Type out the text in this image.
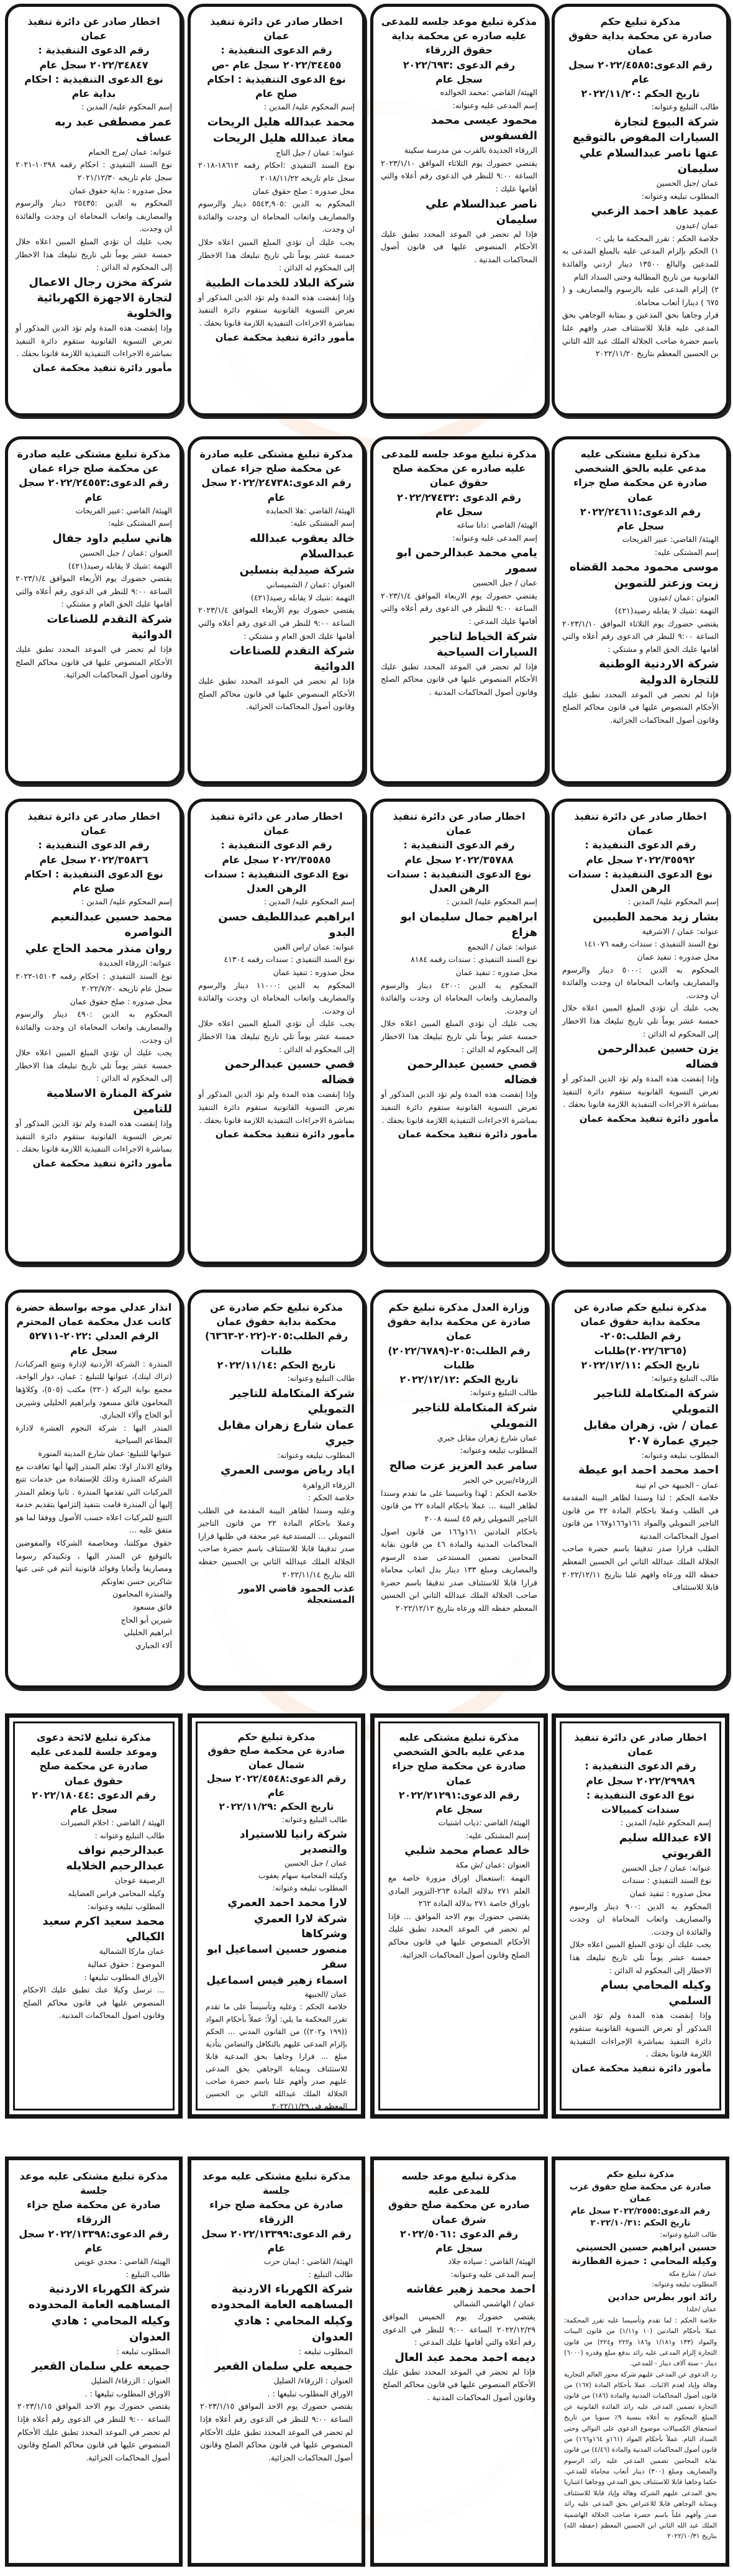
مذكرة تبليغ حكم
صادرة عن محكمة بداية حقوق عمان
رقم الدعوى:٢٠٢٢/٤٥٨٥ سجل عام
تاريخ الحكم :٢٠٢٢/١١/٢٠
طالب التبليغ وعنوانه:
شركة البيوع لتجارة السيارات المفوض بالتوقيع عنها ناصر عبدالسلام علي سليمان
عمان /جبل الحسين
المطلوب تبليغه وعنوانه:
عميد عاهد احمد الزعبي
عمان /عبدون
خلاصة الحكم : تقرر المحكمة ما يلي :-
١) الحكم بإلزام المدعى عليه بالمبلغ المدعى به للمدعين والبالغ ١٣٥٠٠ دينار اردني والفائدة القانونية من تاريخ المطالبة وحتى السداد التام
٢) إلزام المدعى عليه بالرسوم والمصاريف و ( ٦٧٥ ) دينارا أتعاب محاماة.
قرار وجاهيا بحق المدعين و بمثابة الوجاهي بحق المدعى عليه قابلا للاستئناف صدر وافهم علنا باسم حضرة صاحب الجلالة الملك عبد الله الثاني بن الحسين المعظم بتاريخ ٢٠٢٢/١١/٢٠
مذكرة تبليغ موعد جلسه للمدعى عليه صادره عن محكمة بداية حقوق الزرقاء
رقم الدعوى :٢٠٢٢/٦٩٣
سجل عام
الهيئة/ القاضي :محمد الخوالده
إسم المدعى عليه وعنوانه:
محمود عيسى محمد الفسفوس
الزرقاء الجديدة بالقرب من مدرسة سكينة
يقتضي حضورك يوم الثلاثاء الموافق ٢٠٢٣/١/١٠ الساعة ٩:٠٠ للنظر في الدعوى رقم أعلاه والتي أقامها عليك :
ناصر عبدالسلام علي سليمان
فإذا لم تحضر في الموعد المحدد تطبق عليك الأحكام المنصوص عليها في قانون أصول المحاكمات المدنية .
اخطار صادر عن دائرة تنفيذ عمان
رقم الدعوى التنفيذية :
٢٠٢٢/٣٤٤٥٥ سجل عام -ص
نوع الدعوى التنفيذية : احكام صلح عام
إسم المحكوم عليه/ المدين :
محمد عبدالله هليل الريحات
معاذ عبدالله هليل الريحات
عنوانه: عمان / جبل التاج
نوع السند التنفيذي :احكام رقمه ١٨٦١٢-٢٠١٨ سجل عام تاريخه ٢٠١٨/١١/٢٢
محل صدوره : صلح حقوق عمان
المحكوم به الدين :٥٥٤٣,٩٠٥ دينار والرسوم والمصاريف واتعاب المحاماة ان وجدت والفائدة ان وجدت.
يجب عليك أن تؤدي المبلغ المبين اعلاه خلال خمسة عشر يوماً تلي تاريخ تبليغك هذا الاخطار إلى المحكوم له الدائن :
شركة البلاد للخدمات الطبية
وإذا إنقضت هذه المدة ولم تؤد الدين المذكور أو تعرض التسوية القانونية ستقوم دائرة التنفيذ بمباشرة الاجراءات التنفيذية اللازمة قانونا بحقك .
مأمور دائرة تنفيذ محكمة عمان
اخطار صادر عن دائرة تنفيذ عمان
رقم الدعوى التنفيذية :
٢٠٢٢/٣٤٨٤٧ سجل عام
نوع الدعوى التنفيذية : احكام بداية عام
إسم المحكوم عليه/ المدين :
عمر مصطفى عبد ربه عساف
عنوانه: عمان /مرج الحمام
نوع السند التنفيذي : احكام رقمه ١٠٢٩٨-٢٠٢١ سجل عام تاريخه ٢٠٢١/١٢/٣٠
محل صدوره : بداية حقوق عمان
المحكوم به الدين :٢٥٤٣٥ دينار والرسوم والمصاريف واتعاب المحاماة ان وجدت والفائدة ان وجدت.
يجب عليك أن تؤدي المبلغ المبين اعلاه خلال خمسة عشر يوماً تلي تاريخ تبليغك هذا الاخطار إلى المحكوم له الدائن :
شركة مخزن رجال الاعمال لتجارة الاجهزة الكهربائية والخلوية
وإذا إنقضت هذه المدة ولم تؤد الدين المذكور أو تعرض التسوية القانونية ستقوم دائرة التنفيذ بمباشرة الاجراءات التنفيذية اللازمة قانونا بحقك .
مأمور دائرة تنفيذ محكمة عمان
مذكرة تبليغ مشتكى عليه
مدعي عليه بالحق الشخصي صادرة عن محكمة صلح جزاء عمان
رقم الدعوى:٢٠٢٢/٢٤٦١١
سجل عام
الهيئة/ القاضي: عبير الفريحات
إسم المشتكى عليه:
موسى محمود محمد القضاه
زيت وزعتر للتموين
العنوان :عمان /عبدون
التهمة :شيك لا يقابله رصيد(٤٢١)
يقتضي حضورك يوم الثلاثاء الموافق ٢٠٢٣/١/١٠ الساعة ٩:٠٠ للنظر في الدعوى رقم أعلاه والتي أقامها عليك الحق العام و مشتكي :
شركة الاردنية الوطنية للتجارة الدولية
فإذا لم تحضر في الموعد المحدد تطبق عليك الأحكام المنصوص عليها في قانون محاكم الصلح وقانون أصول المحاكمات الجزائية.
مذكرة تبليغ موعد جلسه للمدعى عليه صادره عن محكمة صلح حقوق عمان
رقم الدعوى :٢٠٢٢/٢٧٤٣٢
سجل عام
الهيئة/ القاضي :دانا ساغه
إسم المدعى عليه وعنوانه:
يامي محمد عبدالرحمن ابو سمور
عمان / جبل الحسين
يقتضي حضورك يوم الاربعاء الموافق ٢٠٢٣/١/٤ الساعة ٩:٠٠ للنظر في الدعوى رقم أعلاه والتي أقامها عليك المدعي :
شركة الخياط لتاجير السيارات السياحية
فإذا لم تحضر في الموعد المحدد تطبق عليك الأحكام المنصوص عليها في قانون محاكم الصلح وقانون أصول المحاكمات المدنية .
مذكرة تبليغ مشتكى عليه صادرة عن محكمة صلح جزاء عمان
رقم الدعوى:٢٠٢٢/٢٤٧٣٨ سجل عام
الهيئة/ القاضي :هلا الحمايده
إسم المشتكى عليه:
خالد يعقوب عبدالله عبدالسلام
شركة صيدلية بنسلين
العنوان :عمان / الشميساني
التهمة :شيك لا يقابله رصيد(٤٢١)
يقتضي حضورك يوم الأربعاء الموافق ٢٠٢٣/١/٤ الساعة ٩:٠٠ للنظر في الدعوى رقم أعلاه والتي أقامها عليك الحق العام و مشتكي :
شركة التقدم للصناعات الدوائية
فإذا لم تحضر في الموعد المحدد تطبق عليك الأحكام المنصوص عليها في قانون محاكم الصلح وقانون أصول المحاكمات الجزائية.
مذكرة تبليغ مشتكى عليه صادرة عن محكمة صلح جزاء عمان
رقم الدعوى:٢٠٢٢/٢٤٥٥٣ سجل عام
الهيئة/ القاضي :عبير الفريحات
إسم المشتكى عليه:
هاني سليم داود جفال
العنوان :عمان / جبل الحسين
التهمة :شيك لا يقابله رصيد(٤٢١)
يقتضي حضورك يوم الأربعاء الموافق ٢٠٢٣/١/٤ الساعة ٩:٠٠ للنظر في الدعوى رقم أعلاه والتي أقامها عليك الحق العام و مشتكي :
شركة التقدم للصناعات الدوائية
فإذا لم تحضر في الموعد المحدد تطبق عليك الأحكام المنصوص عليها في قانون محاكم الصلح وقانون أصول المحاكمات الجزائية.
اخطار صادر عن دائرة تنفيذ عمان
رقم الدعوى التنفيذية :
٢٠٢٢/٣٥٥٩٢ سجل عام
نوع الدعوى التنفيذية : سندات الرهن العدل
إسم المحكوم عليه/ المدين :
بشار زيد محمد الطيبين
عنوانه: عمان / الاشرفية
نوع السند التنفيذي : سندات رقمه ١٤١٠٧٦
محل صدوره : تنفيذ عمان
المحكوم به الدين :٥٠٠٠ دينار والرسوم والمصاريف واتعاب المحاماة ان وجدت والفائدة ان وجدت.
يجب عليك أن تؤدي المبلغ المبين اعلاه خلال خمسة عشر يوماً تلي تاريخ تبليغك هذا الاخطار إلى المحكوم له الدائن :
يزن حسين عبدالرحمن فضاله
وإذا إنقضت هذه المدة ولم تؤد الدين المذكور أو تعرض التسوية القانونية ستقوم دائرة التنفيذ بمباشرة الاجراءات التنفيذية اللازمة قانونا بحقك .
مأمور دائرة تنفيذ محكمة عمان
اخطار صادر عن دائرة تنفيذ عمان
رقم الدعوى التنفيذية :
٢٠٢٢/٣٥٧٨٨ سجل عام
نوع الدعوى التنفيذية : سندات الرهن العدل
إسم المحكوم عليه/ المدين :
ابراهيم جمال سليمان ابو هزاع
عنوانه: عمان / التجمع
نوع السند التنفيذي : سندات رقمه ٨١٨٤
محل صدوره : تنفيذ عمان
المحكوم به الدين :٤٢٠٠ دينار والرسوم والمصاريف واتعاب المحاماة ان وجدت والفائدة ان وجدت.
يجب عليك أن تؤدي المبلغ المبين اعلاه خلال خمسة عشر يوماً تلي تاريخ تبليغك هذا الاخطار إلى المحكوم له الدائن :
قصي حسين عبدالرحمن فضاله
وإذا إنقضت هذه المدة ولم تؤد الدين المذكور أو تعرض التسوية القانونية ستقوم دائرة التنفيذ بمباشرة الاجراءات التنفيذية اللازمة قانونا بحقك .
مأمور دائرة تنفيذ محكمة عمان
اخطار صادر عن دائرة تنفيذ عمان
رقم الدعوى التنفيذية :
٢٠٢٢/٣٥٥٨٥ سجل عام
نوع الدعوى التنفيذية : سندات الرهن العدل
إسم المحكوم عليه/ المدين :
ابراهيم عبداللطيف حسن البدو
عنوانه: عمان /راس العين
نوع السند التنفيذي : سندات رقمه ٤١٣٠٤
محل صدوره : تنفيذ عمان
المحكوم به الدين :١١٠٠٠ دينار والرسوم والمصاريف واتعاب المحاماة ان وجدت والفائدة ان وجدت.
يجب عليك أن تؤدي المبلغ المبين اعلاه خلال خمسة عشر يوماً تلي تاريخ تبليغك هذا الاخطار إلى المحكوم له الدائن :
قصي حسين عبدالرحمن فضاله
وإذا إنقضت هذه المدة ولم تؤد الدين المذكور أو تعرض التسوية القانونية ستقوم دائرة التنفيذ بمباشرة الاجراءات التنفيذية اللازمة قانونا بحقك .
مأمور دائرة تنفيذ محكمة عمان
اخطار صادر عن دائرة تنفيذ عمان
رقم الدعوى التنفيذية :
٢٠٢٢/٣٥٨٣٦ سجل عام
نوع الدعوى التنفيذية : احكام صلح عام
إسم المحكوم عليه/ المدين :
محمد حسين عبدالنعيم النواصره
روان منذر محمد الحاج علي
عنوانه: الزرقاء الجديدة
نوع السند التنفيذي : احكام رقمه ١٥١٠٣-٢٠٢٢ سجل عام تاريخه ٢٠٢٢/٧/٢٠
محل صدوره : صلح حقوق عمان
المحكوم به الدين :٤٩٠ دينار والرسوم والمصاريف واتعاب المحاماة ان وجدت والفائدة ان وجدت.
يجب عليك أن تؤدي المبلغ المبين اعلاه خلال خمسة عشر يوماً تلي تاريخ تبليغك هذا الاخطار إلى المحكوم له الدائن :
شركة المنارة الاسلامية للتامين
وإذا إنقضت هذه المدة ولم تؤد الدين المذكور أو تعرض التسوية القانونية ستقوم دائرة التنفيذ بمباشرة الاجراءات التنفيذية اللازمة قانونا بحقك .
مأمور دائرة تنفيذ محكمة عمان
مذكرة تبليغ حكم صادرة عن محكمة بداية حقوق عمان
رقم الطلب:٢٠٥-(٢٠٢٢/٦٣٦٥)طلبات
تاريخ الحكم :٢٠٢٢/١٢/١١
طالب التبليغ وعنوانه:
شركة المتكاملة للتاجير التمويلي
عمان / ش. زهران مقابل جيري عمارة ٢٠٧
المطلوب تبليغه وعنوانه:
احمد محمد احمد ابو عيطة
عمان - الجبيهة حي ام تينة
خلاصة الحكم : لذا وسندا لظاهر البينة المقدمة في الطلب وعملا باحكام المادة ٢٢ من قانون التاجير التمويلي والمواد ١٦١و١٦٦و١٦٧ من قانون اصول المحاكمات المدنية
الطلب قرارا صدر تدقيقا باسم حضرة صاحب الجلالة الملك عبدالله الثاني ابن الحسين المعظم حفظه الله ورعاه وافهم علنا بتاريخ ٢٠٢٢/١٢/١١ قابلا للاستئناف
وزارة العدل مذكرة تبليغ حكم صادرة عن محكمة بداية حقوق عمان
رقم الطلب:٢٠٥-(٢٠٢٢/٦٧٨٩) طلبات
تاريخ الحكم :٢٠٢٢/١٢/١٢
طالب التبليغ وعنوانه:
شركة المتكاملة للتاجير التمويلي
عمان شارع زهران مقابل جيري
المطلوب تبليغه وعنوانه:
سامر عبد العزيز عزت صالح
الزرقاء/بيرين حي الجبر
خلاصة الحكم : لهذا وتاسيسا على ما تقدم وسندا لظاهر البينة ... عملا باحكام المادة ٢٢ من قانون التاجير التمويلي رقم ٤٥ لسنة ٢٠٠٨
باحكام المادتين ١٦١و١٦٦ من قانون اصول المحاكمات المدنية والمادة ٤٦ من قانون نقابة المحامين تضمين المستدعى ضده الرسوم والمصاريف ومبلغ ١٣٣ دينار بدل اتعاب محاماة قرارا قابلا للاستئناف صدر تدقيقا باسم حضرة صاحب الجلالة الملك عبدالله الثاني ابن الحسين المعظم حفظه الله ورعاه بتاريخ ٢٠٢٢/١٢/١٢
مذكرة تبليغ حكم صادرة عن محكمة بداية حقوق عمان
رقم الطلب:٢٠٥-(٢٠٢٢-٦٣٦٣) طلبات
تاريخ الحكم :٢٠٢٢/١١/١٤
طالب التبليغ وعنوانه:
شركة المتكاملة للتاجير التمويلي
عمان شارع زهران مقابل جيري
المطلوب تبليغه وعنوانه:
اياد رياض موسى العمري
الزرقاء الزواهرة
خلاصة الحكم :
وعليه وسندا لظاهر البينة المقدمة في الطلب وعملا باحكام المادة ٢٢ من قانون التاجير التمويلي ... المستدعية غير محقة في طلبها قرارا صدر تدقيقا قابلا للاستئناف باسم حضرة صاحب الجلالة الملك عبدالله الثاني بن الحسين حفظه الله بتاريخ ٢٠٢٢/١١/١٤
عذب الحمود قاضي الامور المستعجلة
انذار عدلي موجه بواسطة حضرة كاتب عدل محكمة عمان المحترم
الرقم العدلي :٢٠٢٢-٥٢٧١١ سجل عام
المنذرة : الشركة الأردنية لإدارة وتتبع المركبات/ (تراك لينك)، عنوانها للتبليغ : عمان، دوار الواحة، مجمع بوابة البركة (٢٢٠) مكتب (٥٠٥)، وكلاؤها المحامون فائق مسعود وابراهيم الخليلي وشيرين أبو الحاج وآلاء الجباري.
المنذر اليها : شركة النجوم العشرة لادارة المطاعم السياحية
عنوانها للتبليغ: عمان شارع المدينة المنورة
وقائع الانذار اولا: تعلم المنذر إليها أنها تعاقدت مع الشركة المنذرة وذلك للإستفادة من خدمات تتبع المركبات التي تقدمها المنذرة . ثانيا وتعلم المنذر إليها أن المنذرة قامت بتنفيذ إلتزامها بتقديم خدمة التتبع للمركبات اعلاه حسب الأصول ووفقا لما هو متفق عليه ...
حقوق موكلتنا، ومخاصمة الشركاء والمفوضين بالتوقيع عن المنذر اليها ، وتكبيدكم رسوما ومصاريفا وأتعابا وفوائد قانونية أنتم في غنى عنها شاكرين حسن تعاونكم
والمنذرة المحامون
فائق مسعود
شيرين أبو الحاج
ابراهيم الخليلي
آلاء الجباري
اخطار صادر عن دائرة تنفيذ عمان
رقم الدعوى التنفيذية :
٢٠٢٢/٢٩٩٨٩ سجل عام
نوع الدعوى التنفيذية : سندات كمبيالات
إسم المحكوم عليه/ المدين :
الاء عبدالله سليم القريوتي
عنوانه: عمان / جبل الحسين
نوع السند التنفيذي : سندات
محل صدوره : تنفيذ عمان
المحكوم به الدين :٩٠٠ دينار والرسوم والمصاريف واتعاب المحاماة ان وجدت والفائدة ان وجدت.
يجب عليك أن تؤدي المبلغ المبين اعلاه خلال خمسة عشر يوماً تلي تاريخ تبليغك هذا الاخطار إلى المحكوم له الدائن :
وكيله المحامي بسام السلمي
وإذا إنقضت هذه المدة ولم تؤد الدين المذكور أو تعرض التسوية القانونية ستقوم دائرة التنفيذ بمباشرة الإجراءات التنفيذية اللازمة قانونا بحقك .
مأمور دائرة تنفيذ محكمة عمان
مذكرة تبليغ مشتكى عليه مدعي عليه بالحق الشخصي صادرة عن محكمة صلح جزاء عمان
رقم الدعوى:٢٠٢٢/٢١٢٩١
سجل عام
الهيئة/ القاضي :ذياب اشتيات
إسم المشتكى عليه:
خالد عصام محمد شلبي
العنوان :عمان /ش مكة
التهمة :استعمال اوراق مزورة خاصة مع العلم ٢٧١ بدلالة المادة ٢٦٣-التزوير المادي باوراق خاصة ٢٧١ بدلالة المادة ٢٦٢
يقتضي حضورك يوم الاحد الموافق ... فإذا لم تحضر في الموعد المحدد تطبق عليك الأحكام المنصوص عليها في قانون محاكم الصلح وقانون أصول المحاكمات الجزائية.
مذكرة تبليغ حكم
صادرة عن محكمة صلح حقوق شمال عمان
رقم الدعوى:٢٠٢٢/٤٥٤٨ سجل عام
تاريخ الحكم :٢٠٢٢/١١/٢٩
طالب التبليغ وعنوانه:
شركة رانيا للاستيراد والتصدير
عمان / جبل الحسين
وكيلته المحامية سهام يعقوب
المطلوب تبليغه وعنوانه:
لارا محمد احمد العمري
شركة لارا العمري وشركاها
منصور حسين اسماعيل ابو سقر
اسماء زهير قيس اسماعيل
عمان /الجبيهة
خلاصة الحكم : وعليه وتأسيساً على ما تقدم تقرر المحكمة ما يلي: أولاً: عملاً بأحكام المواد ((١٩٩ و٢٠٢)) من القانون المدني ... الحكم بإلزام المدعى عليهم بالتكافل والتضامن بتأدية مبلغ ... قرارا وجاهيا بحق المدعية قابلا للاستئناف وبمثابة الوجاهي بحق المدعى عليهم صدر وأفهم علنا باسم حضرة صاحب الجلالة الملك عبدالله الثاني بن الحسين المعظم في ٢٠٢٢/١١/٢٩
مذكرة تبليغ لائحة دعوى وموعد جلسة للمدعى عليه صادرة عن محكمة صلح حقوق عمان
رقم الدعوى :٢٠٢٢/١٨٠٤٤ سجل عام
الهيئة / القاضي : احلام النصيرات
طالب التبليغ وعنوانه :
عبدالرحيم نواف عبدالرحيم الخلايله
الرصيفة عوجان
وكيله المحامي فراس العضايله
المطلوب تبليغه وعنوانه:
محمد سعيد اكرم سعيد الكيالي
عمان ماركا الشمالية
الموضوع : حقوق عمالية
الأوراق المطلوب تبليغها :
... ترسل وكيلا عنك تطبق عليك الاحكام المنصوص عليها في قانون محاكم الصلح وقانون اصول المحاكمات المدنية.
مذكرة تبليغ حكم
صادرة عن محكمة صلح حقوق غرب عمان
رقم الدعوى:٢٠٢٢/٢٥٥٥ سجل عام
تاريخ الحكم :٢٠٢٢/١٠/٣١
طالب التبليغ وعنوانه:
حسين ابراهيم حسين الحسيني
وكيله المحامي : حمزة القطارنة
عمان / شارع مكة
المطلوب تبليغه وعنوانه:
رائد انور بطرس حدادين
عمان /خلدا
خلاصة الحكم : لما تقدم وتأسيسا عليه تقرر المحكمة: عملا بأحكام المادتين (١٠ و١/١١) من قانون البينات والمواد (١٣٣ و١/١٨١ و١٨٦ و٢٢٢ و٢٢٤) من قانون التجارة إلزام المدعى عليه رائد بدفع مبلغ وقدره (٦٠٠٠) دينار - ستة آلاف دينار - للمدعي.
رد الدعوى عن المدعى عليهم شركة محور العالم التجارية وهالة وإياد لعدم الاثبات. عملا بأحكام المادة (١٦٧) من قانون أصول المحاكمات المدنية والمادة (١٨٦) من قانون التجارة تضمين المدعى عليه رائد الفائدة القانونية عن المبلغ المحكوم به أعلاه بنسبة ٩٪ سنويا من تاريخ استحقاق الكمبيالات موضوع الدعوى على التوالي وحتى السداد التام. عملاً بأحكام المواد (١٦١و ١٦٤و١٦٦) من قانون أصول المحاكمات المدنية والمادة (٤/٤٦) من قانون نقابة المحامين تضمين المدعى عليه رائد الرسوم والمصاريف ومبلغ (٣٠٠) دينار أتعاب محاماة للمدعي. حكما وجاهيا قابلا للاستئناف بحق المدعي ووجاهيا اعتباريا بحق المدعى عليهم الشركة وهالة وإياد قابلا للاستئناف وبمثابة الوجاهي قابلا للاعتراض بحق المدعى عليه رائد صدر وأفهم علناً باسم حضرة صاحب الجلالة الهاشمية الملك عبد الله الثاني ابن الحسين المعظم (حفظه الله) بتاريخ ٢٠٢٢/١٠/٣١
مذكرة تبليغ موعد جلسه للمدعى عليه
صادره عن محكمة صلح حقوق شرق عمان
رقم الدعوى :٢٠٢٢/٥٠٦١
سجل عام
الهيئة/ القاضي : سياده جلاد
إسم المدعى عليه وعنوانه:
احمد محمد زهير عقاشه
عمان / الهاشمي الشمالي
يقتضي حضورك يوم الخميس الموافق ٢٠٢٢/١٢/٢٩ الساعة ٩:٠٠ للنظر في الدعوى رقم أعلاه والتي أقامها عليك المدعي :
ديمه احمد محمد عبد العال
فإذا لم تحضر في الموعد المحدد تطبق عليك الأحكام المنصوص عليها في قانون محاكم الصلح وقانون أصول المحاكمات المدنية .
مذكرة تبليغ مشتكى عليه موعد جلسة
صادرة عن محكمة صلح جزاء الزرقاء
رقم الدعوى:٢٠٢٢/١٣٣٩٩ سجل عام
الهيئة/ القاضي : ايمان حرب
طالب التبليغ :
شركة الكهرباء الاردنية المساهمه العامة المحدوده
وكيله المحامي : هادي العدوان
المطلوب تبليغه :
جميعه علي سلمان القعير
العنوان : الزرقاء/ الضليل
الاوراق المطلوب تبليغها : .
يقتضي حضورك يوم الاحد الموافق ٢٠٢٣/١/١٥ الساعة ٩:٠٠ للنظر في الدعوى رقم أعلاه فإذا لم تحضر في الموعد المحدد تطبق عليك الأحكام المنصوص عليها في قانون محاكم الصلح وقانون أصول المحاكمات الجزائية.
مذكرة تبليغ مشتكى عليه موعد جلسة
صادرة عن محكمة صلح جزاء الزرقاء
رقم الدعوى:٢٠٢٢/١٣٣٩٨ سجل عام
الهيئة/ القاضي : مجدي عويس
طالب التبليغ :
شركة الكهرباء الاردنية المساهمه العامة المحدوده
وكيله المحامي : هادي العدوان
المطلوب تبليغه :
جميعه علي سلمان القعير
العنوان : الزرقاء/ الضليل
الاوراق المطلوب تبليغها : .
يقتضي حضورك يوم الاحد الموافق ٢٠٢٣/١/١٥ الساعة ٩:٠٠ للنظر في الدعوى رقم أعلاه فإذا لم تحضر في الموعد المحدد تطبق عليك الأحكام المنصوص عليها في قانون محاكم الصلح وقانون أصول المحاكمات الجزائية.
